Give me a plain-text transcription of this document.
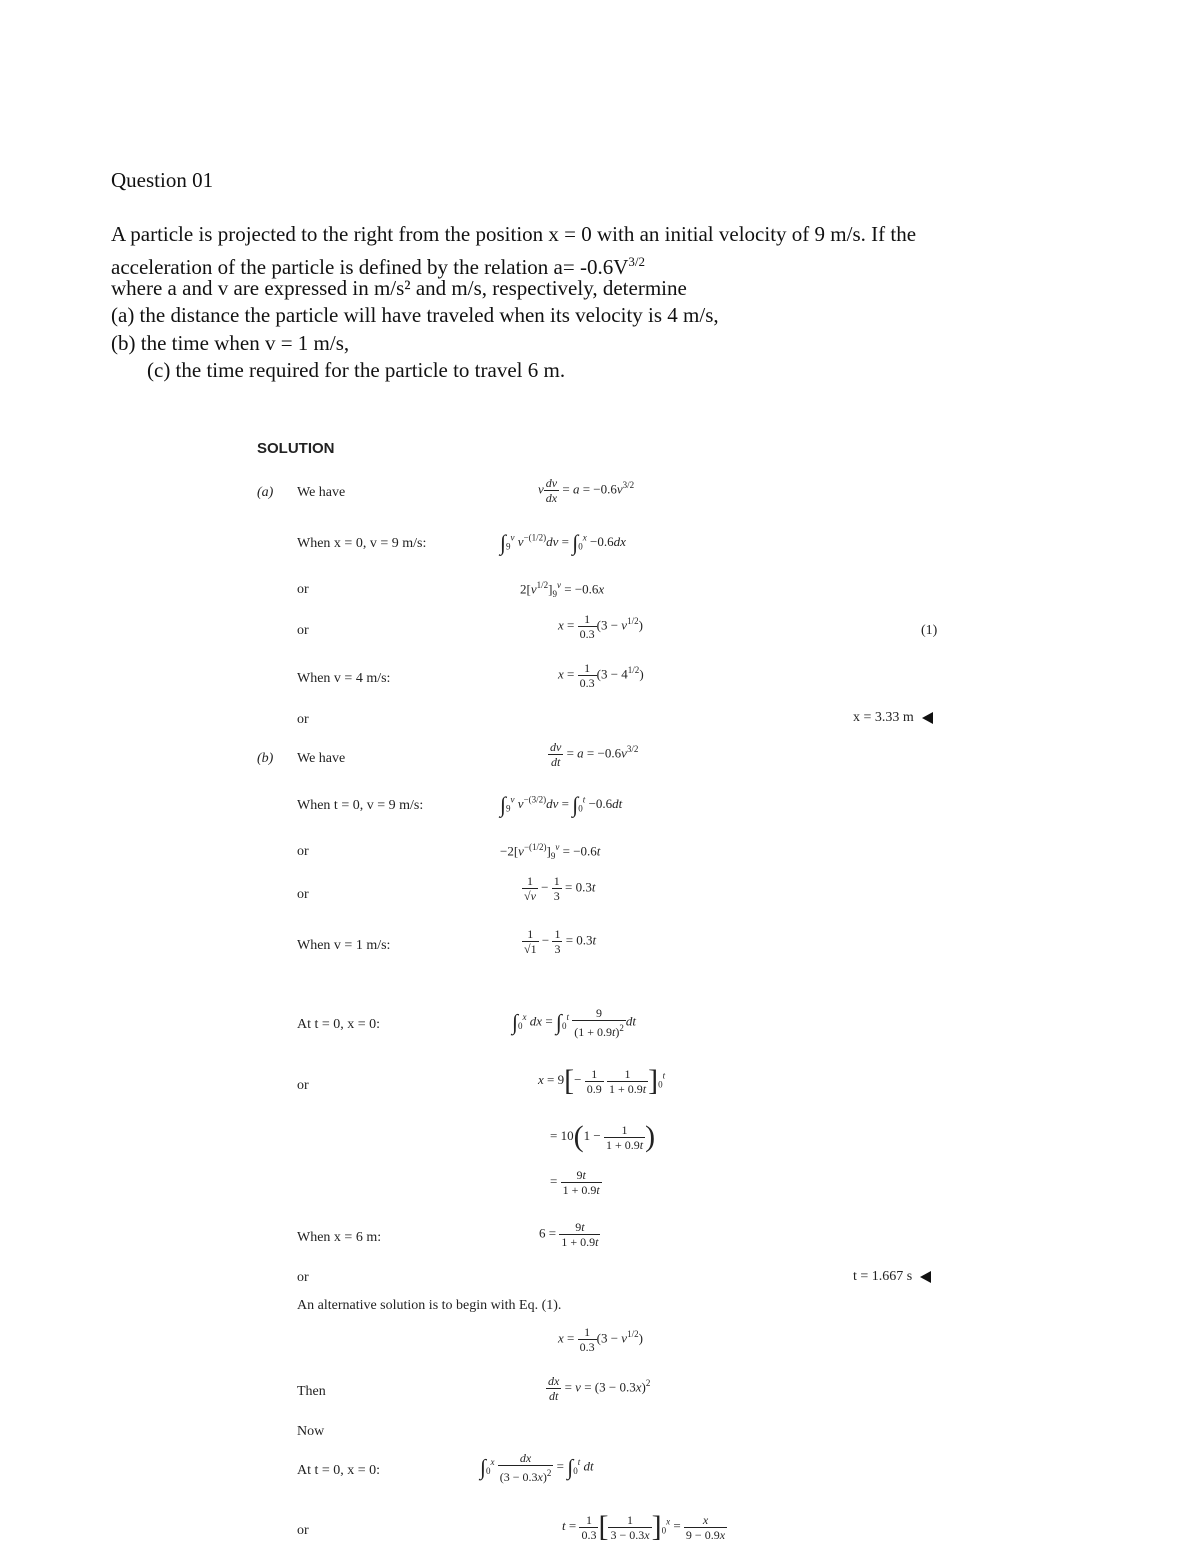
Question 01
A particle is projected to the right from the position x = 0 with an initial velocity of 9 m/s. If the
acceleration of the particle is defined by the relation $a= -0.6V^{3/2}$
where a and v are expressed in m/s² and m/s, respectively, determine
(a) the distance the particle will have traveled when its velocity is 4 m/s,
(b) the time when v = 1 m/s,
(c) the time required for the particle to travel 6 m.
SOLUTION
(a) We have	v $\frac{dv}{dx} = a = -0.6v^{3/2}$
When x = 0, v = 9 m/s:	$\int_9^v$ $v^{-(1/2)}dv = \int_0^x -0.6dx$
or	$2[v^{1/2}]_9^v = -0.6x$
or	$x = \frac{1}{0.3} (3 - v^{1/2})$	(1)
When v = 4 m/s:	$x = \frac{1}{0.3} (3 - 4^{1/2})$
or	x = 3.33 m
(b) We have	$\frac{dv}{dt} = a = -0.6v^{3/2}$
When t = 0, v = 9 m/s:	$\int_9^v$ $v^{-(3/2)}dv = \int_0^t -0.6dt$
or	$-2[v^{-(1/2)}]_9^v = -0.6t$
or	$\frac{1}{√v} - \frac{1}{3} = 0.3t$
When v = 1 m/s:	$\frac{1}{√1} - \frac{1}{3} = 0.3t$
At t = 0, x = 0:	$\int_0^x$ dx = $\int_0^t \frac{9}{(1 + 0.9t)^2}$ dt
or	$x = 9[- \frac{1}{0.9}$
$\frac{1}{1 + 0.9t} ]_0^t$
= $10(1 - \frac{1}{1 + 0.9t}$ )
= $\frac{9t}{1 + 0.9t}$
When x = 6 m:	$6 = \frac{9t}{1 + 0.9t}$
or	t = 1.667 s
An alternative solution is to begin with Eq. (1).
$x = \frac{1}{0.3} (3 - v^{1/2})$
Then	$\frac{dx}{dt} = v = (3 - 0.3x)^2$
Now
At t = 0, x = 0:	$\int_0^x \frac{dx}{(3 - 0.3x)^2} = \int_0^t$ dt
or	$t = \frac{1}{0.3}$ [ $\frac{1}{3 - 0.3x} ]_0^x = \frac{x}{9 - 0.9x}$
